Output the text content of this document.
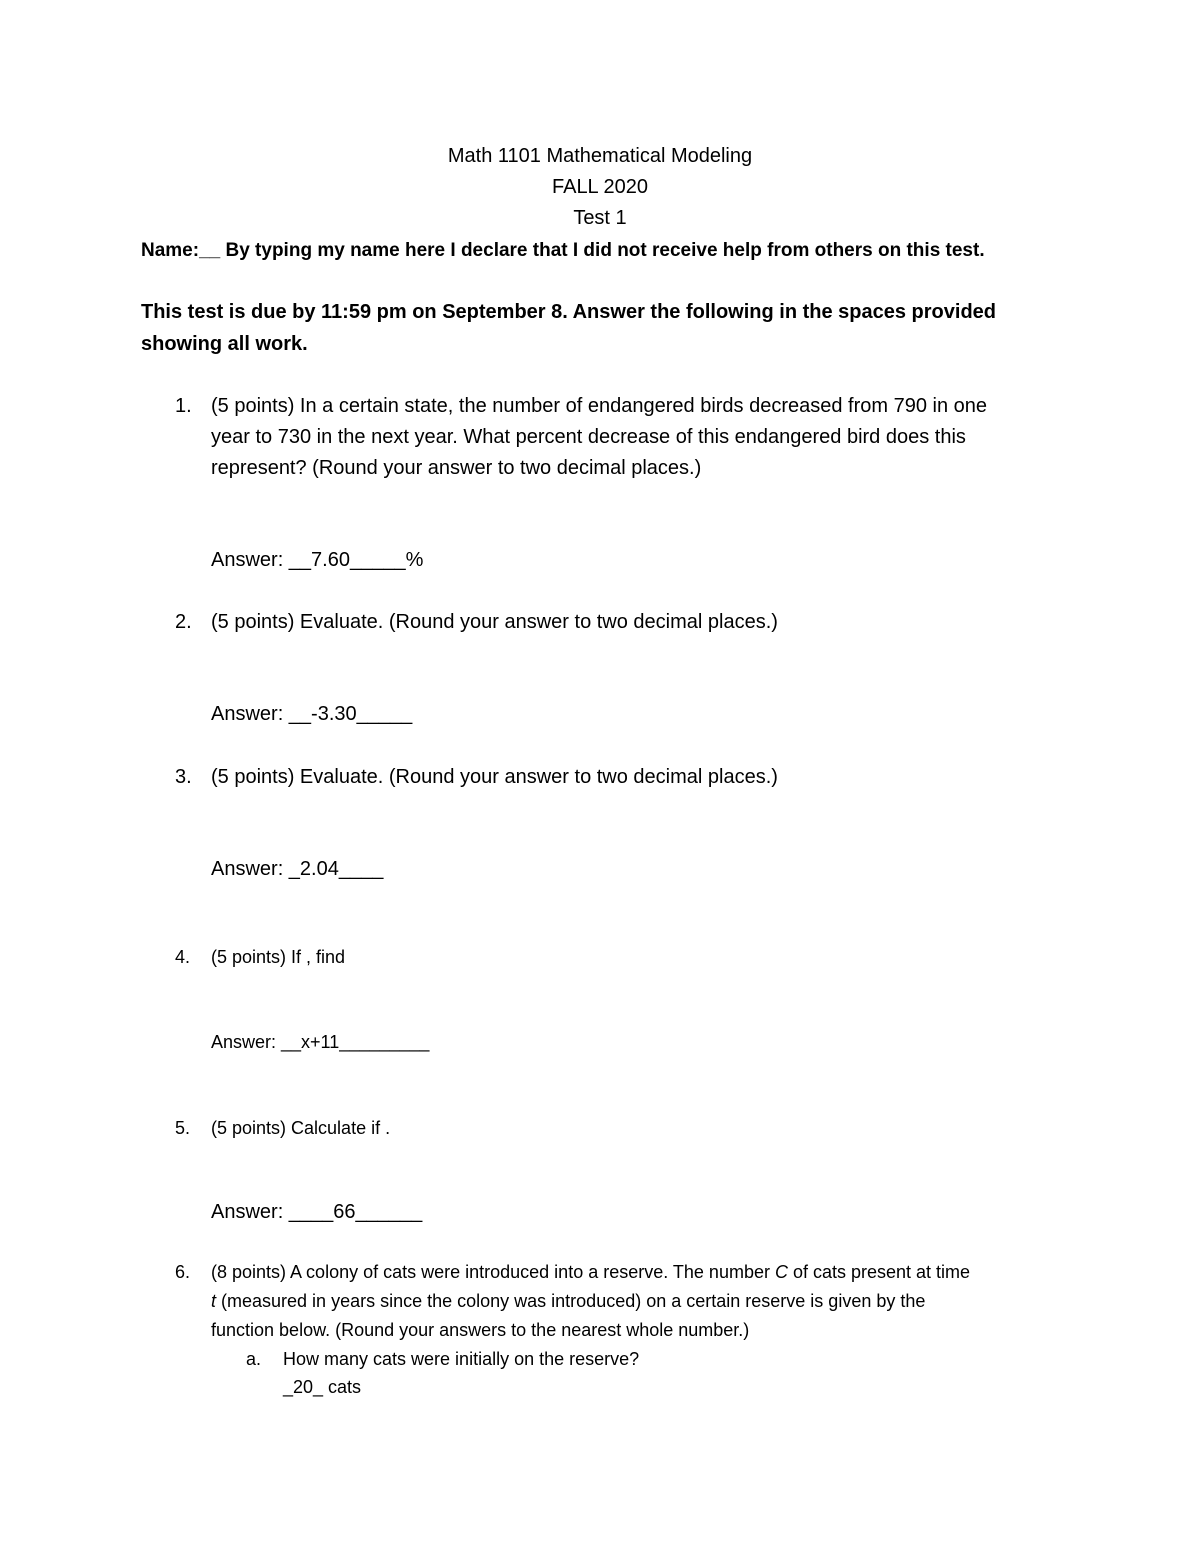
Math 1101 Mathematical Modeling
FALL 2020
Test 1
Name:__ By typing my name here I declare that I did not receive help from others on this test.
This test is due by 11:59 pm on September 8. Answer the following in the spaces provided
showing all work.
1. (5 points) In a certain state, the number of endangered birds decreased from 790 in one
year to 730 in the next year. What percent decrease of this endangered bird does this
represent? (Round your answer to two decimal places.)
Answer: __7.60_____%
2. (5 points) Evaluate. (Round your answer to two decimal places.)
Answer: __-3.30_____
3. (5 points) Evaluate. (Round your answer to two decimal places.)
Answer: _2.04____
4. (5 points) If , find
Answer: __x+11_________
5. (5 points) Calculate if .
Answer: ____66______
6. (8 points) A colony of cats were introduced into a reserve. The number C of cats present at time
t (measured in years since the colony was introduced) on a certain reserve is given by the
function below. (Round your answers to the nearest whole number.)
a. How many cats were initially on the reserve?
_20_ cats
